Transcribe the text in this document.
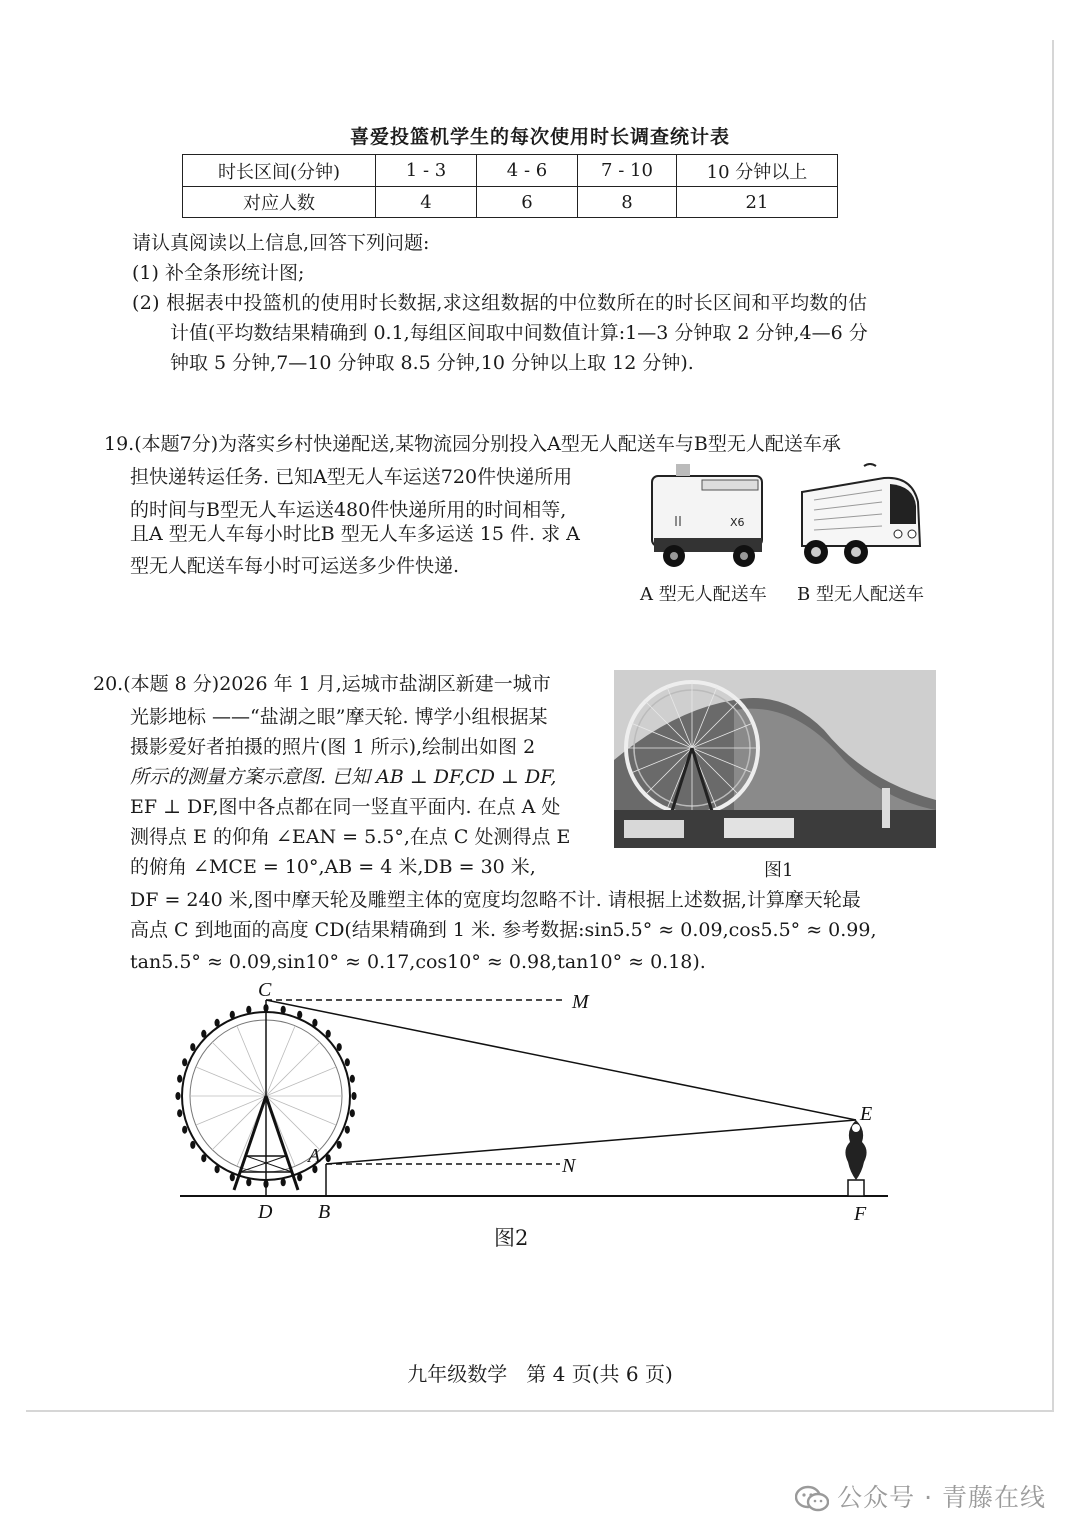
喜爱投篮机学生的每次使用时长调查统计表
时长区间(分钟)	1 - 3	4 - 6	7 - 10	10 分钟以上
对应人数	4	6	8	21
请认真阅读以上信息,回答下列问题:
(1) 补全条形统计图;
(2) 根据表中投篮机的使用时长数据,求这组数据的中位数所在的时长区间和平均数的估
计值(平均数结果精确到 0.1,每组区间取中间数值计算:1—3 分钟取 2 分钟,4—6 分
钟取 5 分钟,7—10 分钟取 8.5 分钟,10 分钟以上取 12 分钟).
19.(本题7分)为落实乡村快递配送,某物流园分别投入A型无人配送车与B型无人配送车承
担快递转运任务. 已知A型无人车运送720件快递所用
的时间与B型无人车运送480件快递所用的时间相等,
且A 型无人车每小时比B 型无人车多运送 15 件. 求 A
型无人配送车每小时可运送多少件快递.
X6
A 型无人配送车 B 型无人配送车
20.(本题 8 分)2026 年 1 月,运城市盐湖区新建一城市
光影地标 ——“盐湖之眼”摩天轮. 博学小组根据某
摄影爱好者拍摄的照片(图 1 所示),绘制出如图 2
所示的测量方案示意图. 已知 AB ⊥ DF,CD ⊥ DF,
EF ⊥ DF,图中各点都在同一竖直平面内. 在点 A 处
测得点 E 的仰角 ∠EAN = 5.5°,在点 C 处测得点 E
的俯角 ∠MCE = 10°,AB = 4 米,DB = 30 米,
DF = 240 米,图中摩天轮及雕塑主体的宽度均忽略不计. 请根据上述数据,计算摩天轮最
高点 C 到地面的高度 CD(结果精确到 1 米. 参考数据:sin5.5° ≈ 0.09,cos5.5° ≈ 0.99,
tan5.5° ≈ 0.09,sin10° ≈ 0.17,cos10° ≈ 0.98,tan10° ≈ 0.18).
图1
C
M
E
A	N
D B	F
图2
九年级数学   第 4 页(共 6 页)
公众号 · 青藤在线
